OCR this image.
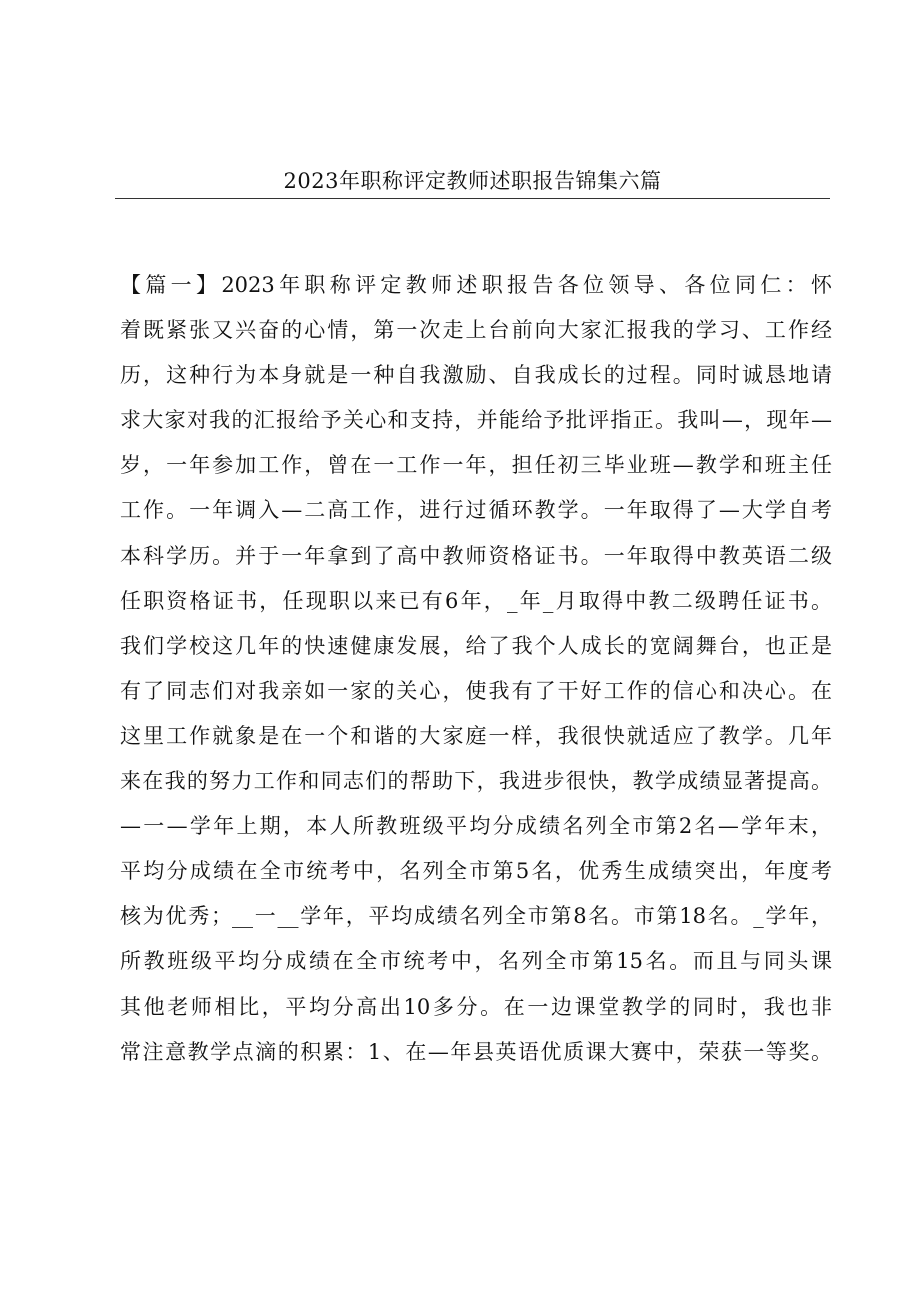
2023年职称评定教师述职报告锦集六篇
【篇一】2023年职称评定教师述职报告各位领导、各位同仁：怀
着既紧张又兴奋的心情，第一次走上台前向大家汇报我的学习、工作经
历，这种行为本身就是一种自我激励、自我成长的过程。同时诚恳地请
求大家对我的汇报给予关心和支持，并能给予批评指正。我叫—，现年—
岁，一年参加工作，曾在一工作一年，担任初三毕业班—教学和班主任
工作。一年调入—二高工作，进行过循环教学。一年取得了—大学自考
本科学历。并于一年拿到了高中教师资格证书。一年取得中教英语二级
任职资格证书，任现职以来已有6年，_年_月取得中教二级聘任证书。
我们学校这几年的快速健康发展，给了我个人成长的宽阔舞台，也正是
有了同志们对我亲如一家的关心，使我有了干好工作的信心和决心。在
这里工作就象是在一个和谐的大家庭一样，我很快就适应了教学。几年
来在我的努力工作和同志们的帮助下，我进步很快，教学成绩显著提高。
—一—学年上期，本人所教班级平均分成绩名列全市第2名—学年末，
平均分成绩在全市统考中，名列全市第5名，优秀生成绩突出，年度考
核为优秀；__一__学年，平均成绩名列全市第8名。市第18名。_学年，
所教班级平均分成绩在全市统考中，名列全市第15名。而且与同头课
其他老师相比，平均分高出10多分。在一边课堂教学的同时，我也非
常注意教学点滴的积累：1、在—年县英语优质课大赛中，荣获一等奖。
